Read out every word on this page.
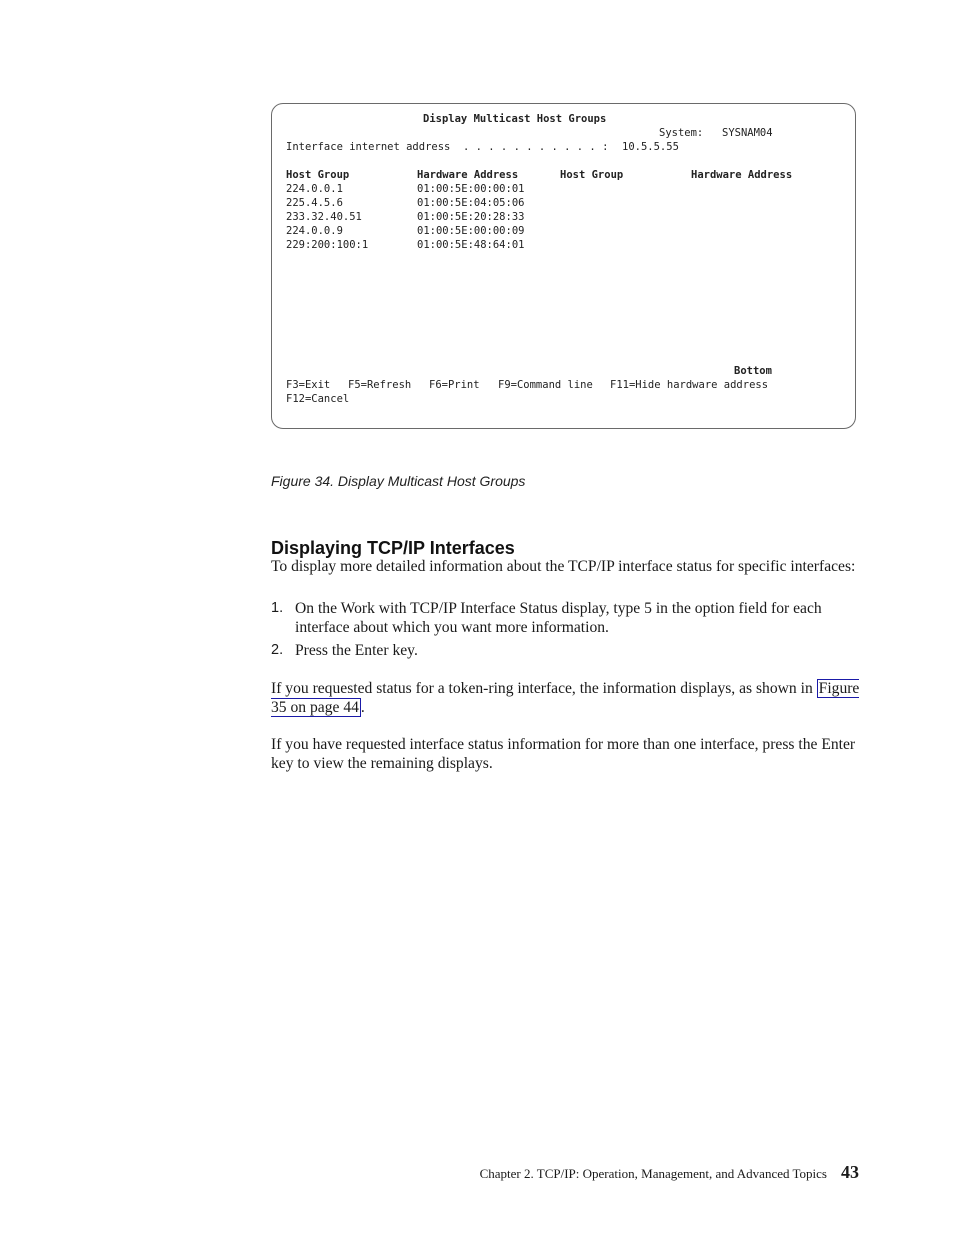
Display Multicast Host Groups
System: SYSNAM04
Interface internet address  . . . . . . . . . . . : 10.5.5.55
Host Group	Hardware Address	Host Group	Hardware Address
224.0.0.1	01:00:5E:00:00:01
225.4.5.6	01:00:5E:04:05:06
233.32.40.51	01:00:5E:20:28:33
224.0.0.9	01:00:5E:00:00:09
229:200:100:1	01:00:5E:48:64:01
Bottom
F3=Exit F5=Refresh F6=Print F9=Command line F11=Hide hardware address
F12=Cancel
Figure 34. Display Multicast Host Groups
Displaying TCP/IP Interfaces

To display more detailed information about the TCP/IP interface status for specific interfaces:

1. On the Work with TCP/IP Interface Status display, type 5 in the option field for each interface about which you want more information.
2. Press the Enter key.

If you requested status for a token-ring interface, the information displays, as shown in Figure 35 on page 44 .

If you have requested interface status information for more than one interface, press the Enter key to view the remaining displays.

Chapter 2. TCP/IP: Operation, Management, and Advanced Topics 43
